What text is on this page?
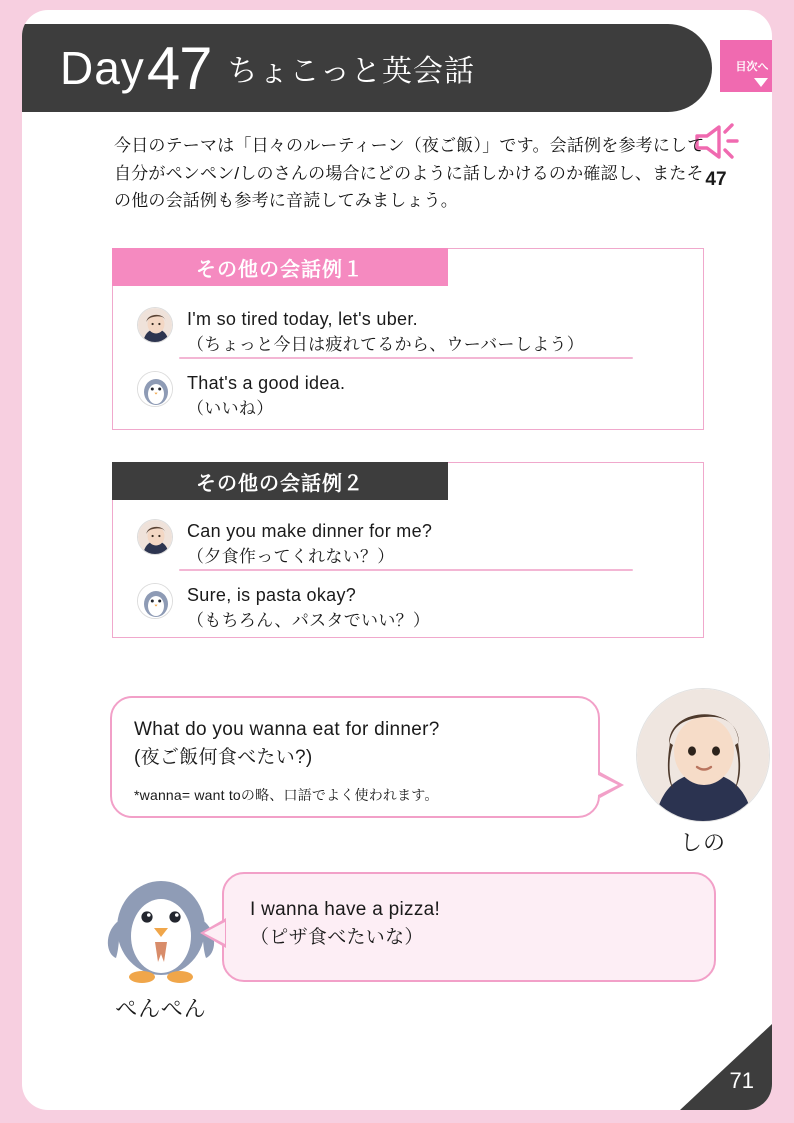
Day 47 ちょこっと英会話	目次へ
47
今日のテーマは「日々のルーティーン（夜ご飯）」です。会話例を参考にして自分がペンペン/しのさんの場合にどのように話しかけるのか確認し、またその他の会話例も参考に音読してみましょう。
その他の会話例１
I'm so tired today, let's uber.
（ちょっと今日は疲れてるから、ウーバーしよう）
That's a good idea.
（いいね）
その他の会話例２
Can you make dinner for me?
（夕食作ってくれない？）
Sure, is pasta okay?
（もちろん、パスタでいい？）
What do you wanna eat for dinner?
(夜ご飯何食べたい?)
*wanna= want toの略、口語でよく使われます。
しの
ぺんぺん
I wanna have a pizza!
（ピザ食べたいな）
71
